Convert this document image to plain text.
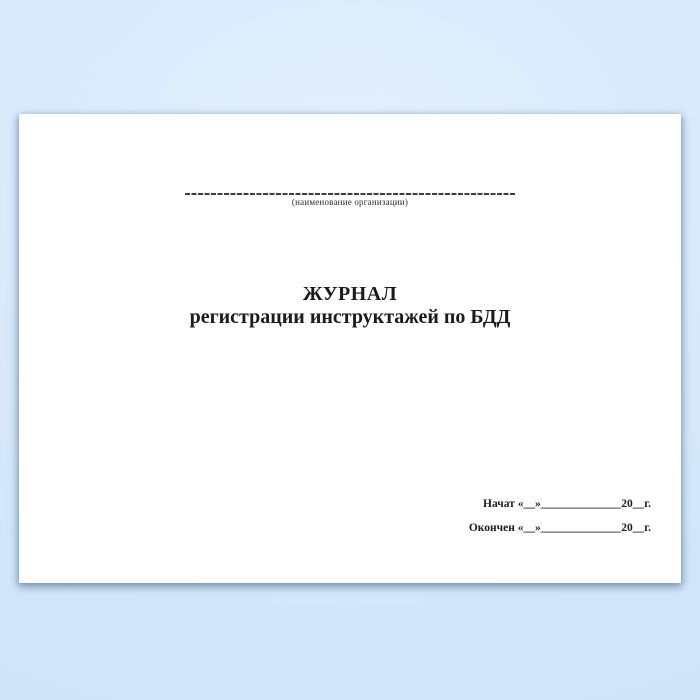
(наименование организации)
ЖУРНАЛ
регистрации инструктажей по БДД
Начат «__»______________20__г.
Окончен «__»______________20__г.
